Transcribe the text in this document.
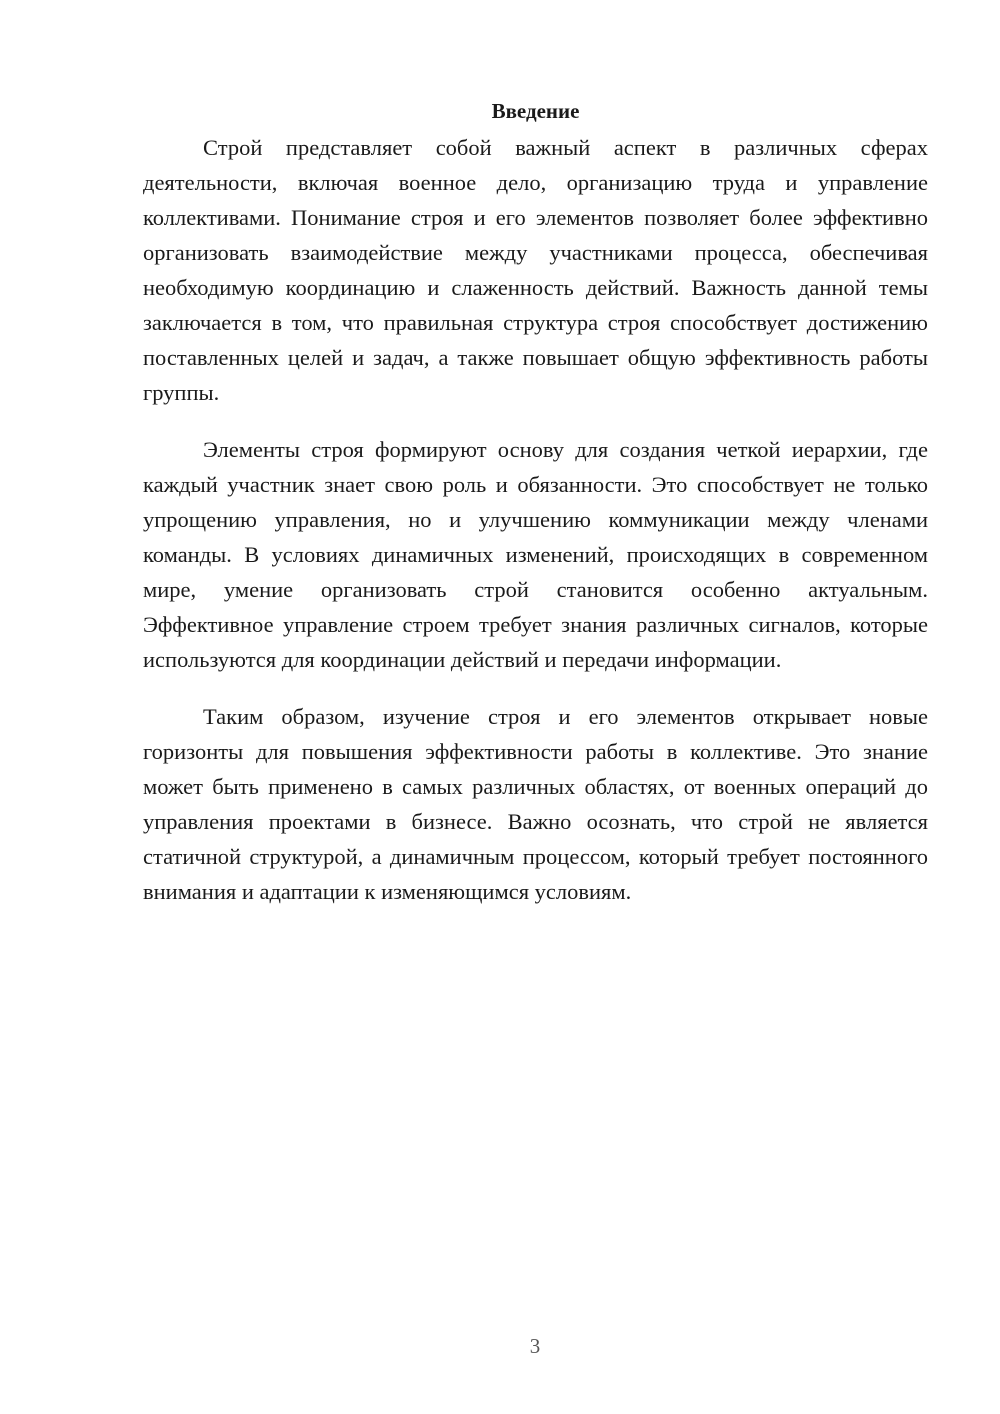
Введение

Строй представляет собой важный аспект в различных сферах деятельности, включая военное дело, организацию труда и управление коллективами. Понимание строя и его элементов позволяет более эффективно организовать взаимодействие между участниками процесса, обеспечивая необходимую координацию и слаженность действий. Важность данной темы заключается в том, что правильная структура строя способствует достижению поставленных целей и задач, а также повышает общую эффективность работы группы.

Элементы строя формируют основу для создания четкой иерархии, где каждый участник знает свою роль и обязанности. Это способствует не только упрощению управления, но и улучшению коммуникации между членами команды. В условиях динамичных изменений, происходящих в современном мире, умение организовать строй становится особенно актуальным. Эффективное управление строем требует знания различных сигналов, которые используются для координации действий и передачи информации.

Таким образом, изучение строя и его элементов открывает новые горизонты для повышения эффективности работы в коллективе. Это знание может быть применено в самых различных областях, от военных операций до управления проектами в бизнесе. Важно осознать, что строй не является статичной структурой, а динамичным процессом, который требует постоянного внимания и адаптации к изменяющимся условиям.

3
